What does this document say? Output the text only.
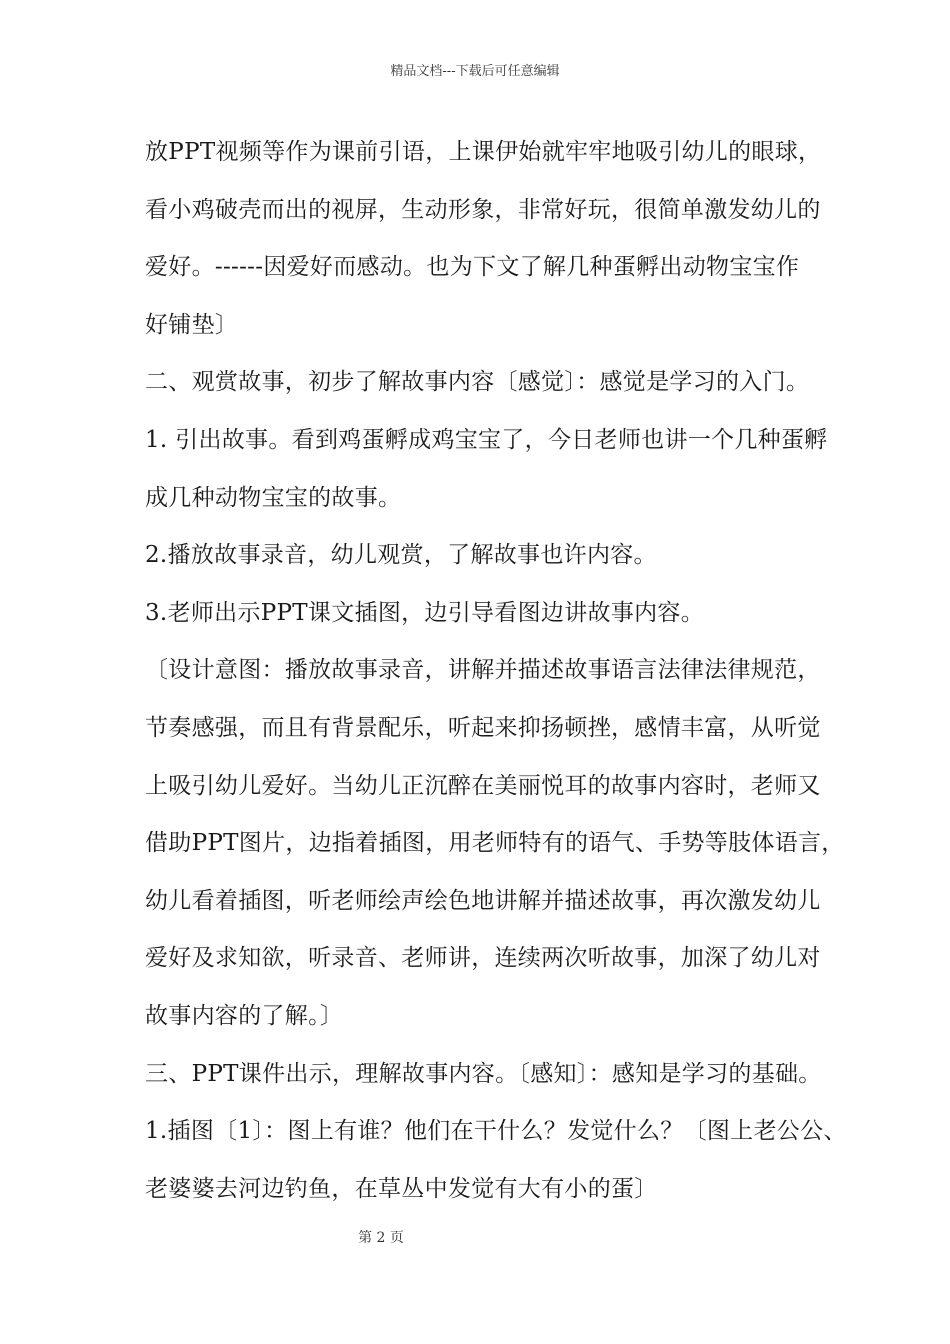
精品文档---下载后可任意编辑
放PPT视频等作为课前引语，上课伊始就牢牢地吸引幼儿的眼球，
看小鸡破壳而出的视屏，生动形象，非常好玩，很简单激发幼儿的
爱好。------因爱好而感动。也为下文了解几种蛋孵出动物宝宝作
好铺垫〕
二、观赏故事，初步了解故事内容〔感觉〕：感觉是学习的入门。
1. 引出故事。看到鸡蛋孵成鸡宝宝了，今日老师也讲一个几种蛋孵
成几种动物宝宝的故事。
2.播放故事录音，幼儿观赏，了解故事也许内容。
3.老师出示PPT课文插图，边引导看图边讲故事内容。
〔设计意图：播放故事录音，讲解并描述故事语言法律法律规范，
节奏感强，而且有背景配乐，听起来抑扬顿挫，感情丰富，从听觉
上吸引幼儿爱好。当幼儿正沉醉在美丽悦耳的故事内容时，老师又
借助PPT图片，边指着插图，用老师特有的语气、手势等肢体语言，
幼儿看着插图，听老师绘声绘色地讲解并描述故事，再次激发幼儿
爱好及求知欲，听录音、老师讲，连续两次听故事，加深了幼儿对
故事内容的了解。〕
三、PPT课件出示，理解故事内容。〔感知〕：感知是学习的基础。
1.插图〔1〕：图上有谁？他们在干什么？发觉什么？〔图上老公公、
老婆婆去河边钓鱼，在草丛中发觉有大有小的蛋〕
第 2 页
